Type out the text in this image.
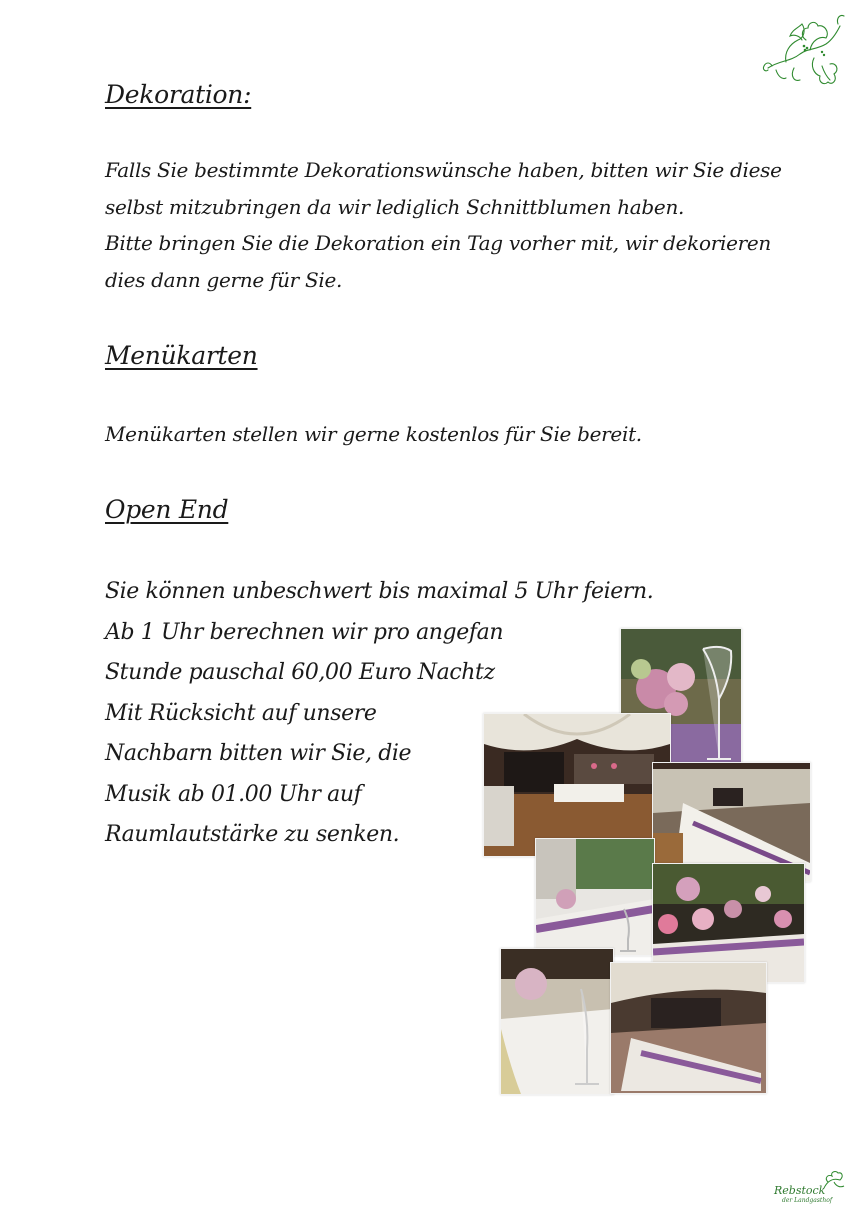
Dekoration:

Falls Sie bestimmte Dekorationswünsche haben, bitten wir Sie diese
selbst mitzubringen da wir lediglich Schnittblumen haben.
Bitte bringen Sie die Dekoration ein Tag vorher mit, wir dekorieren
dies dann gerne für Sie.

Menükarten

Menükarten stellen wir gerne kostenlos für Sie bereit.

Open End

Sie können unbeschwert bis maximal 5 Uhr feiern.
Ab 1 Uhr berechnen wir pro angefan
Stunde pauschal 60,00 Euro Nachtz
Mit Rücksicht auf unsere
Nachbarn bitten wir Sie, die
Musik ab 01.00 Uhr auf
Raumlautstärke zu senken.

Rebstock
der Landgasthof
